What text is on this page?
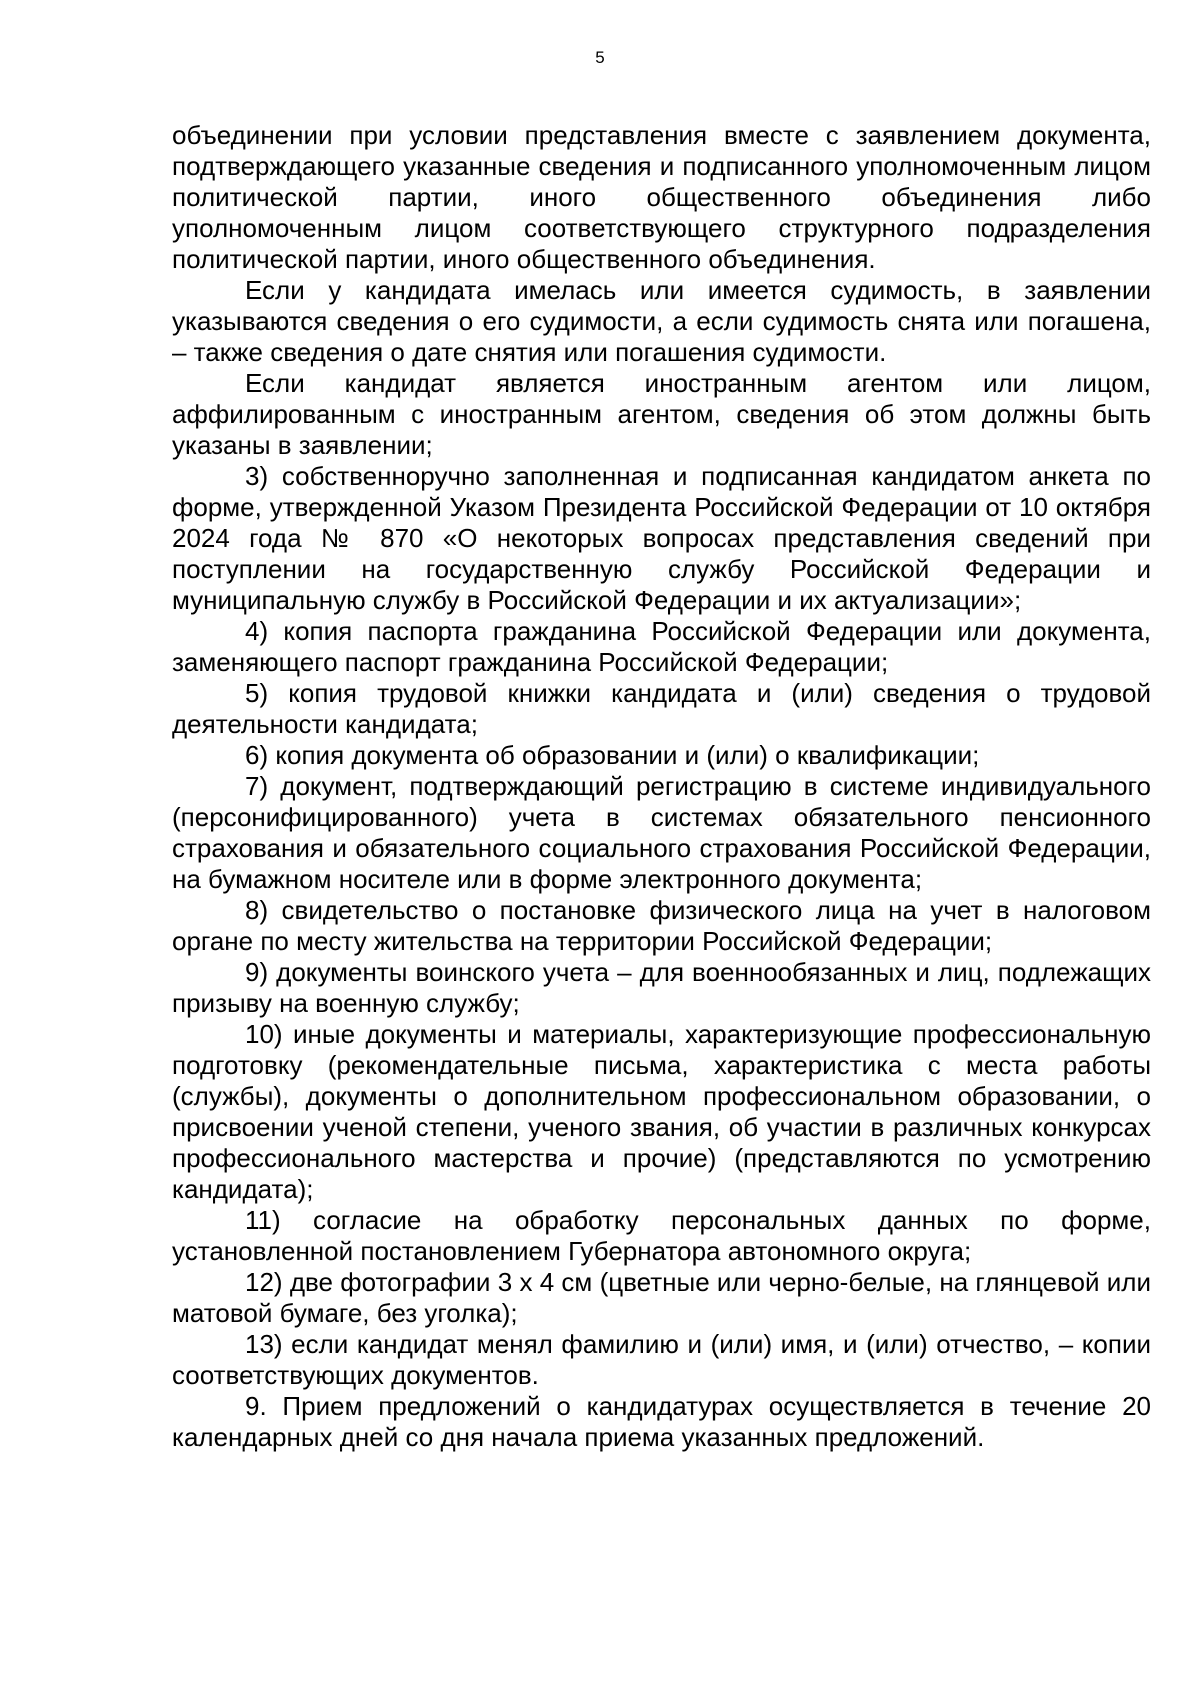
5

объединении при условии представления вместе с заявлением документа, подтверждающего указанные сведения и подписанного уполномоченным лицом политической партии, иного общественного объединения либо уполномоченным лицом соответствующего структурного подразделения политической партии, иного общественного объединения.

Если у кандидата имелась или имеется судимость, в заявлении указываются сведения о его судимости, а если судимость снята или погашена, – также сведения о дате снятия или погашения судимости.

Если кандидат является иностранным агентом или лицом, аффилированным с иностранным агентом, сведения об этом должны быть указаны в заявлении;

3) собственноручно заполненная и подписанная кандидатом анкета по форме, утвержденной Указом Президента Российской Федерации от 10 октября 2024 года № 870 «О некоторых вопросах представления сведений при поступлении на государственную службу Российской Федерации и муниципальную службу в Российской Федерации и их актуализации»;

4) копия паспорта гражданина Российской Федерации или документа, заменяющего паспорт гражданина Российской Федерации;

5) копия трудовой книжки кандидата и (или) сведения о трудовой деятельности кандидата;

6) копия документа об образовании и (или) о квалификации;

7) документ, подтверждающий регистрацию в системе индивидуального (персонифицированного) учета в системах обязательного пенсионного страхования и обязательного социального страхования Российской Федерации, на бумажном носителе или в форме электронного документа;

8) свидетельство о постановке физического лица на учет в налоговом органе по месту жительства на территории Российской Федерации;

9) документы воинского учета – для военнообязанных и лиц, подлежащих призыву на военную службу;

10) иные документы и материалы, характеризующие профессиональную подготовку (рекомендательные письма, характеристика с места работы (службы), документы о дополнительном профессиональном образовании, о присвоении ученой степени, ученого звания, об участии в различных конкурсах профессионального мастерства и прочие) (представляются по усмотрению кандидата);

11) согласие на обработку персональных данных по форме, установленной постановлением Губернатора автономного округа;

12) две фотографии 3 х 4 см (цветные или черно-белые, на глянцевой или матовой бумаге, без уголка);

13) если кандидат менял фамилию и (или) имя, и (или) отчество, – копии соответствующих документов.

9. Прием предложений о кандидатурах осуществляется в течение 20 календарных дней со дня начала приема указанных предложений.
